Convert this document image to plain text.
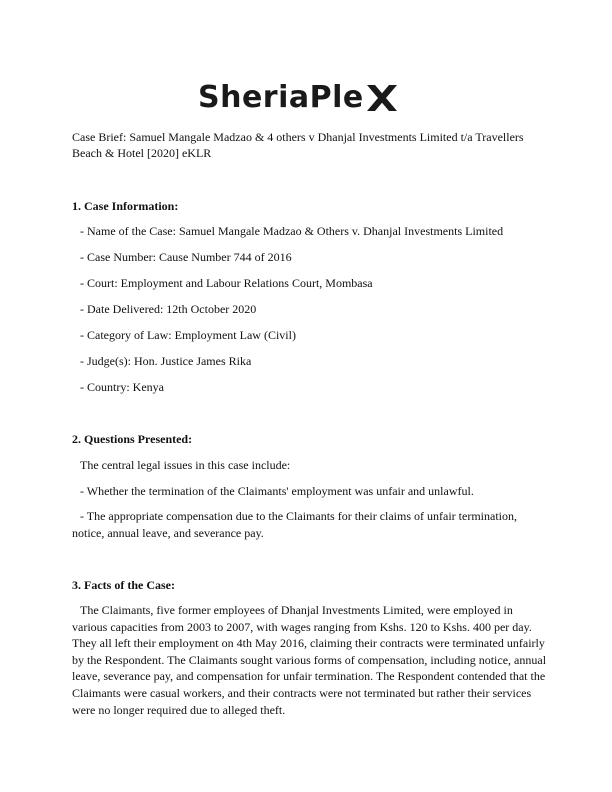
SheriaPle
Case Brief: Samuel Mangale Madzao & 4 others v Dhanjal Investments Limited t/a Travellers Beach & Hotel [2020] eKLR
1. Case Information:
- Name of the Case: Samuel Mangale Madzao & Others v. Dhanjal Investments Limited
- Case Number: Cause Number 744 of 2016
- Court: Employment and Labour Relations Court, Mombasa
- Date Delivered: 12th October 2020
- Category of Law: Employment Law (Civil)
- Judge(s): Hon. Justice James Rika
- Country: Kenya
2. Questions Presented:
The central legal issues in this case include:
- Whether the termination of the Claimants' employment was unfair and unlawful.
- The appropriate compensation due to the Claimants for their claims of unfair termination, notice, annual leave, and severance pay.
3. Facts of the Case:
The Claimants, five former employees of Dhanjal Investments Limited, were employed in various capacities from 2003 to 2007, with wages ranging from Kshs. 120 to Kshs. 400 per day. They all left their employment on 4th May 2016, claiming their contracts were terminated unfairly by the Respondent. The Claimants sought various forms of compensation, including notice, annual leave, severance pay, and compensation for unfair termination. The Respondent contended that the Claimants were casual workers, and their contracts were not terminated but rather their services were no longer required due to alleged theft.
